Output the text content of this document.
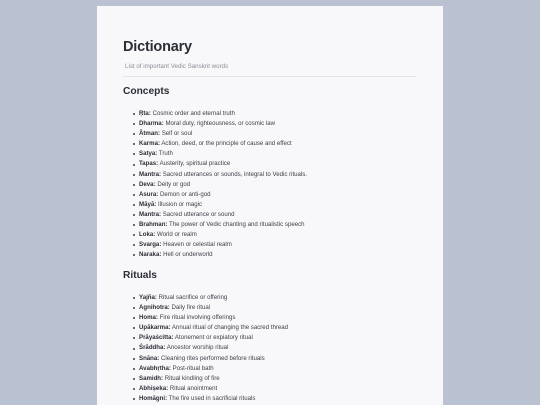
Dictionary
List of important Vedic Sanskrit words
Concepts
Ṛta: Cosmic order and eternal truth
Dharma: Moral duty, righteousness, or cosmic law
Ātman: Self or soul
Karma: Action, deed, or the principle of cause and effect
Satya: Truth
Tapas: Austerity, spiritual practice
Mantra: Sacred utterances or sounds, integral to Vedic rituals.
Deva: Deity or god
Asura: Demon or anti-god
Māyā: Illusion or magic
Mantra: Sacred utterance or sound
Brahman: The power of Vedic chanting and ritualistic speech
Loka: World or realm
Svarga: Heaven or celestial realm
Naraka: Hell or underworld
Rituals
Yajña: Ritual sacrifice or offering
Agnihotra: Daily fire ritual
Homa: Fire ritual involving offerings
Upākarma: Annual ritual of changing the sacred thread
Prāyaścitta: Atonement or expiatory ritual
Śrāddha: Ancestor worship ritual
Snāna: Cleaning rites performed before rituals
Avabhṛtha: Post-ritual bath
Samidh: Ritual kindling of fire
Abhiṣeka: Ritual anointment
Homāgni: The fire used in sacrificial rituals
